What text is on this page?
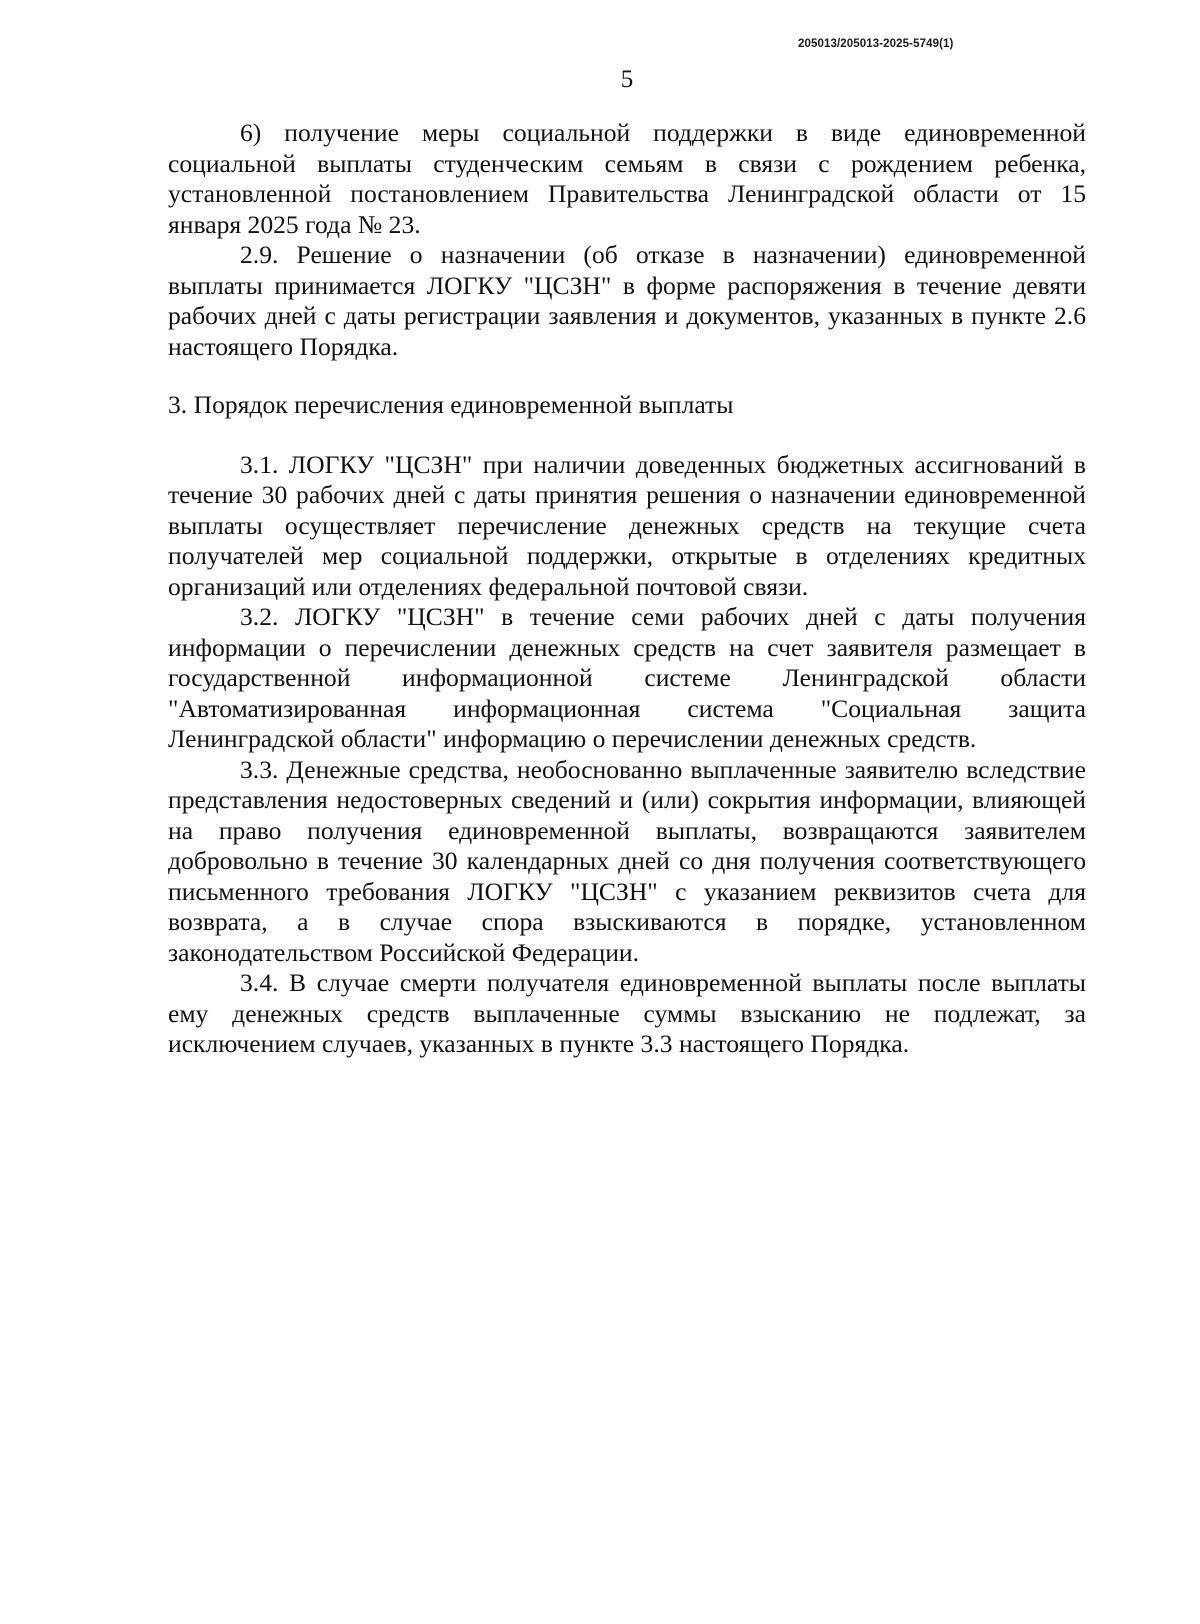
205013/205013-2025-5749(1)
5

6) получение меры социальной поддержки в виде единовременной социальной выплаты студенческим семьям в связи с рождением ребенка, установленной постановлением Правительства Ленинградской области от 15 января 2025 года № 23.

2.9. Решение о назначении (об отказе в назначении) единовременной выплаты принимается ЛОГКУ "ЦСЗН" в форме распоряжения в течение девяти рабочих дней с даты регистрации заявления и документов, указанных в пункте 2.6 настоящего Порядка.

3. Порядок перечисления единовременной выплаты

3.1. ЛОГКУ "ЦСЗН" при наличии доведенных бюджетных ассигнований в течение 30 рабочих дней с даты принятия решения о назначении единовременной выплаты осуществляет перечисление денежных средств на текущие счета получателей мер социальной поддержки, открытые в отделениях кредитных организаций или отделениях федеральной почтовой связи.

3.2. ЛОГКУ "ЦСЗН" в течение семи рабочих дней с даты получения информации о перечислении денежных средств на счет заявителя размещает в государственной информационной системе Ленинградской области "Автоматизированная информационная система "Социальная защита Ленинградской области" информацию о перечислении денежных средств.

3.3. Денежные средства, необоснованно выплаченные заявителю вследствие представления недостоверных сведений и (или) сокрытия информации, влияющей на право получения единовременной выплаты, возвращаются заявителем добровольно в течение 30 календарных дней со дня получения соответствующего письменного требования ЛОГКУ "ЦСЗН" с указанием реквизитов счета для возврата, а в случае спора взыскиваются в порядке, установленном законодательством Российской Федерации.

3.4. В случае смерти получателя единовременной выплаты после выплаты ему денежных средств выплаченные суммы взысканию не подлежат, за исключением случаев, указанных в пункте 3.3 настоящего Порядка.
